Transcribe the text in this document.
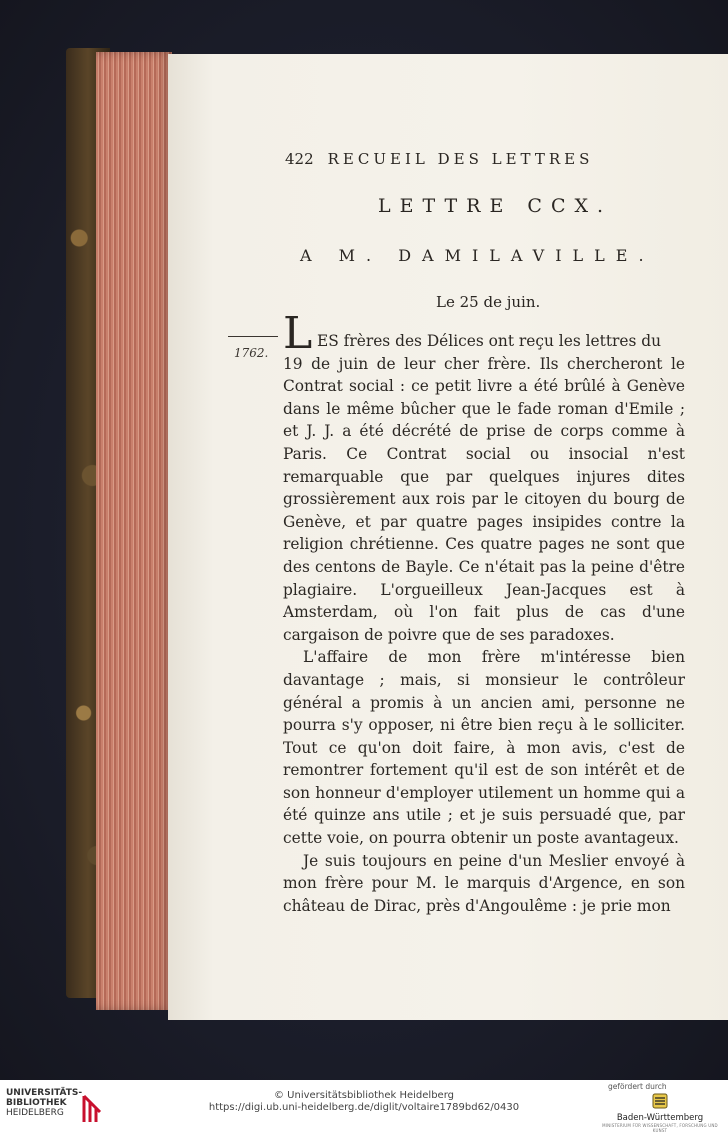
422 RECUEIL DES LETTRES
LETTRE CCX.
A M. DAMILAVILLE.
Le 25 de juin.
1762. L ES frères des Délices ont reçu les lettres du

19 de juin de leur cher frère. Ils chercheront le Contrat social : ce petit livre a été brûlé à Genève dans le même bûcher que le fade roman d'Emile ; et J. J. a été décrété de prise de corps comme à Paris. Ce Contrat social ou insocial n'est remarquable que par quelques injures dites grossièrement aux rois par le citoyen du bourg de Genève, et par quatre pages insipides contre la religion chrétienne. Ces quatre pages ne sont que des centons de Bayle. Ce n'était pas la peine d'être plagiaire. L'orgueilleux Jean-Jacques est à Amsterdam, où l'on fait plus de cas d'une cargaison de poivre que de ses paradoxes.

L'affaire de mon frère m'intéresse bien davantage ; mais, si monsieur le contrôleur général a promis à un ancien ami, personne ne pourra s'y opposer, ni être bien reçu à le solliciter. Tout ce qu'on doit faire, à mon avis, c'est de remontrer fortement qu'il est de son intérêt et de son honneur d'employer utilement un homme qui a été quinze ans utile ; et je suis persuadé que, par cette voie, on pourra obtenir un poste avantageux.

Je suis toujours en peine d'un Meslier envoyé à mon frère pour M. le marquis d'Argence, en son château de Dirac, près d'Angoulême : je prie mon

UNIVERSITÄTS-
BIBLIOTHEK
HEIDELBERG
© Universitätsbibliothek Heidelberg
https://digi.ub.uni-heidelberg.de/diglit/voltaire1789bd62/0430
gefördert durch
Baden-Württemberg
MINISTERIUM FÜR WISSENSCHAFT, FORSCHUNG UND KUNST
